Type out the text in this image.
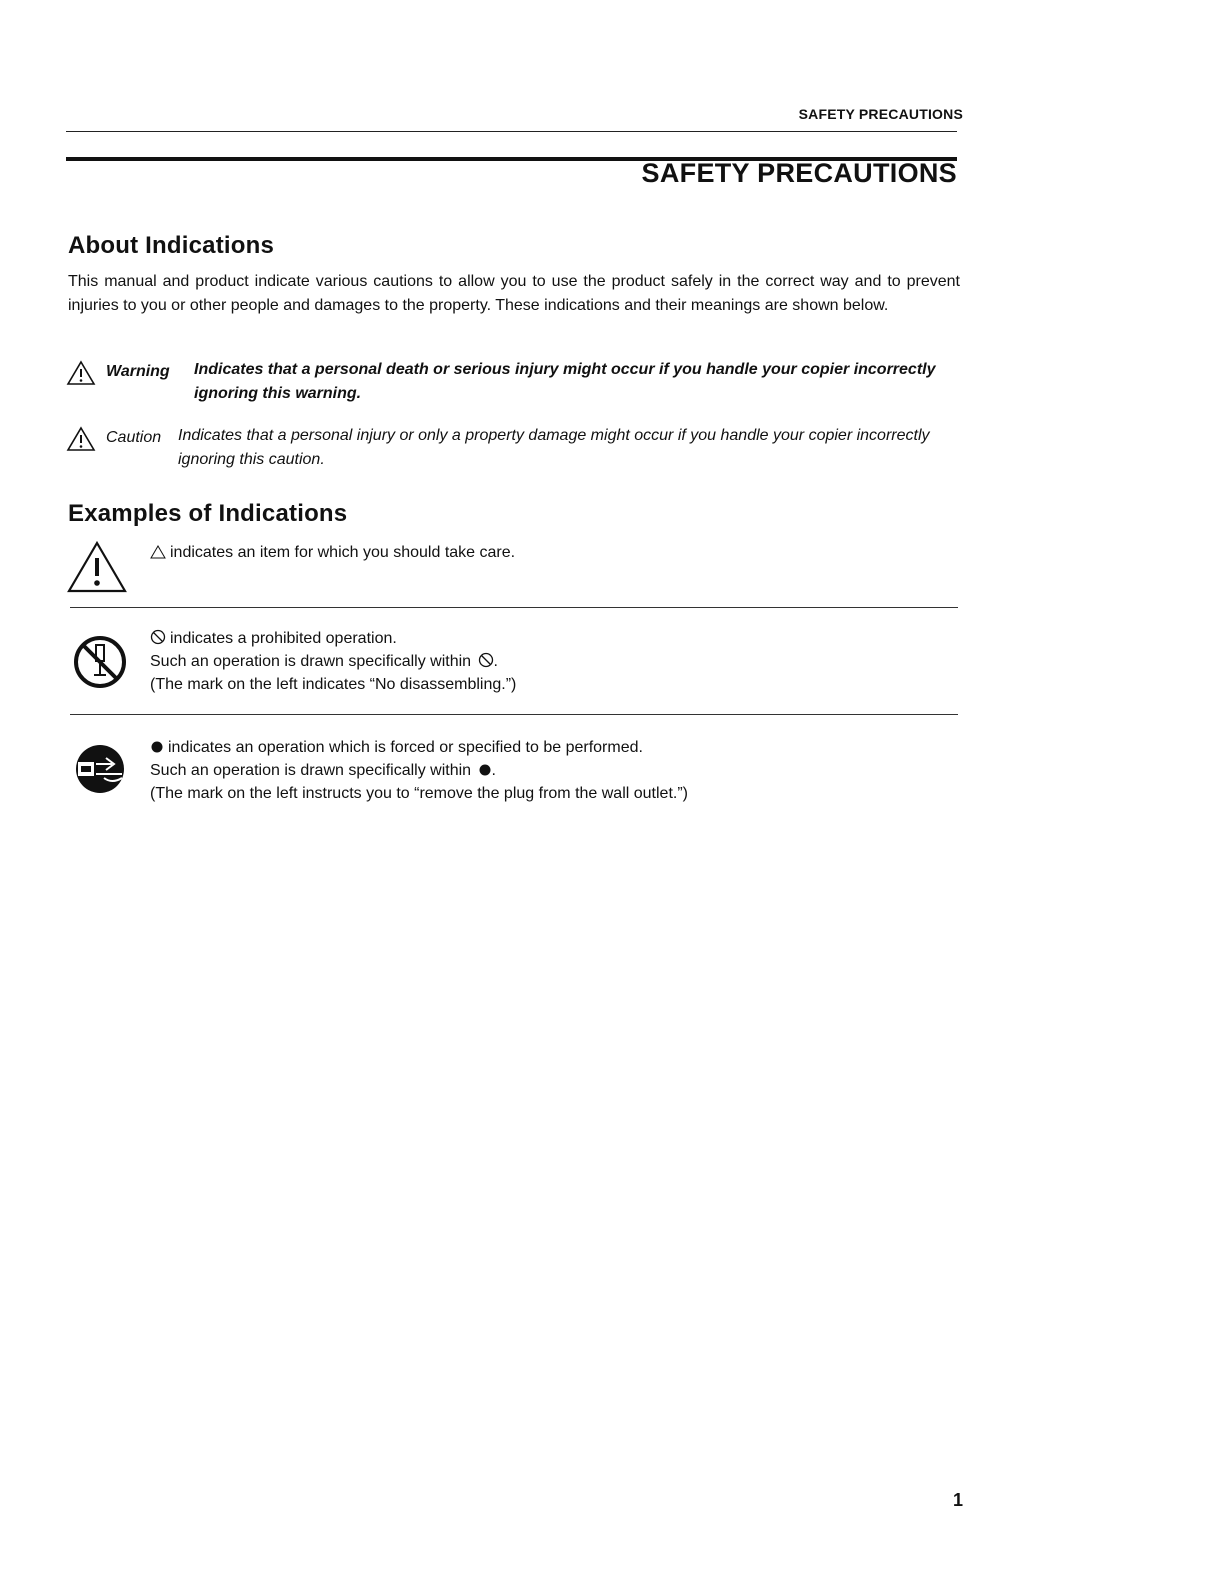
SAFETY PRECAUTIONS
SAFETY PRECAUTIONS
About Indications
This manual and product indicate various cautions to allow you to use the product safely in the correct way and to prevent injuries to you or other people and damages to the property. These indications and their meanings are shown below.
Warning Indicates that a personal death or serious injury might occur if you handle your copier incorrectly ignoring this warning.
Caution Indicates that a personal injury or only a property damage might occur if you handle your copier incorrectly ignoring this caution.
Examples of Indications
indicates an item for which you should take care.
indicates a prohibited operation.
Such an operation is drawn specifically within .
(The mark on the left indicates “No disassembling.”)
indicates an operation which is forced or specified to be performed.
Such an operation is drawn specifically within .
(The mark on the left instructs you to “remove the plug from the wall outlet.”)
1
